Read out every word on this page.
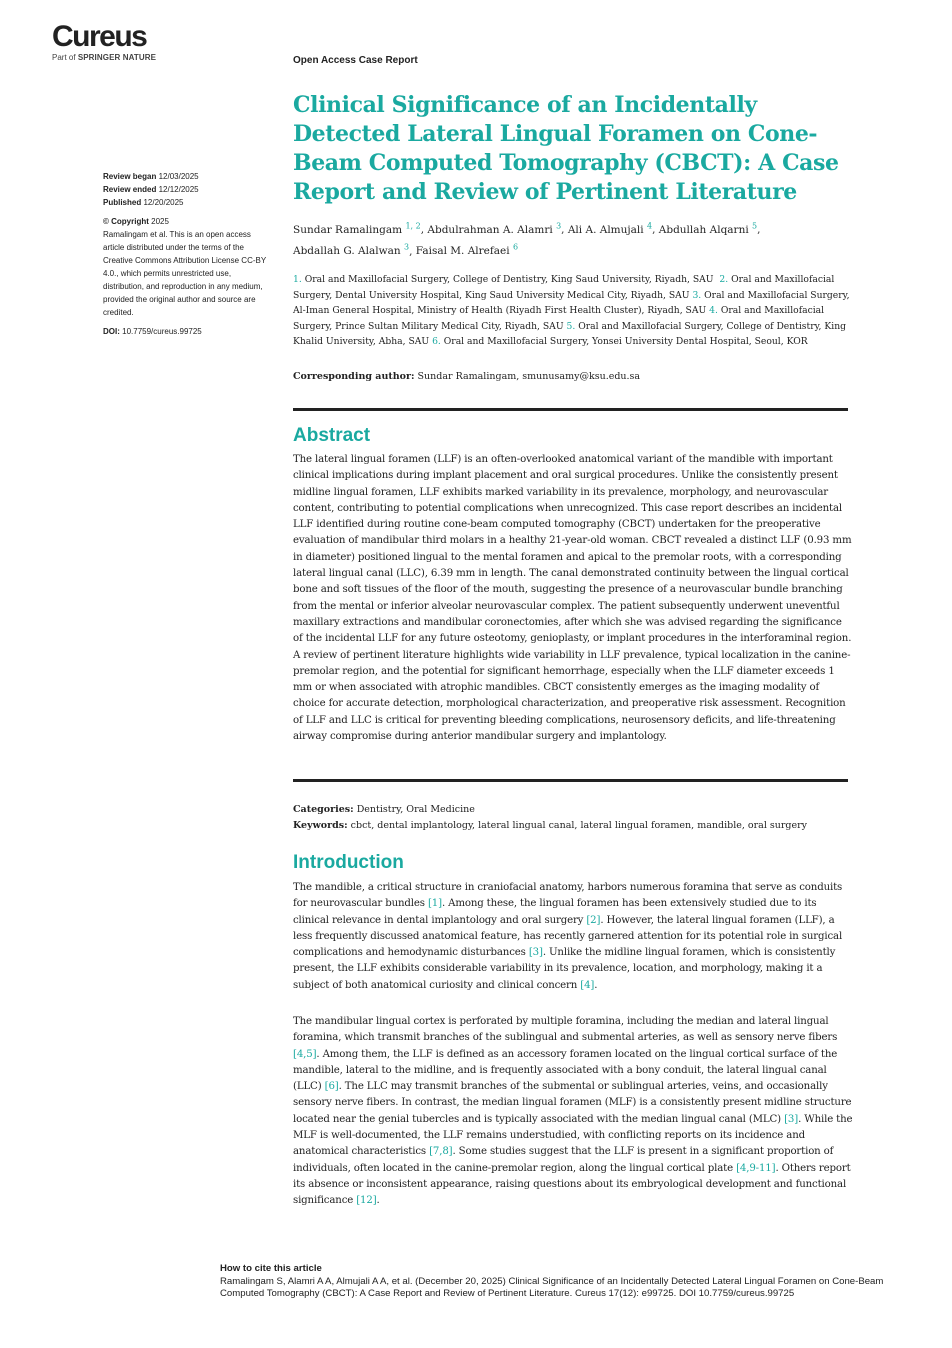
Cureus
Part of SPRINGER NATURE	Open Access Case Report
Clinical Significance of an Incidentally Detected Lateral Lingual Foramen on Cone-Beam Computed Tomography (CBCT): A Case Report and Review of Pertinent Literature
Review began 12/03/2025
Review ended 12/12/2025
Published 12/20/2025
© Copyright 2025
Ramalingam et al. This is an open access article distributed under the terms of the Creative Commons Attribution License CC-BY 4.0., which permits unrestricted use, distribution, and reproduction in any medium, provided the original author and source are credited.
DOI: 10.7759/cureus.99725
Sundar Ramalingam $^{1, 2}$, Abdulrahman A. Alamri $^3$, Ali A. Almujali $^4$, Abdullah Alqarni $^5$,
Abdallah G. Alalwan $^3$, Faisal M. Alrefaei $^6$
1. Oral and Maxillofacial Surgery, College of Dentistry, King Saud University, Riyadh, SAU 2. Oral and Maxillofacial Surgery, Dental University Hospital, King Saud University Medical City, Riyadh, SAU 3. Oral and Maxillofacial Surgery, Al-Iman General Hospital, Ministry of Health (Riyadh First Health Cluster), Riyadh, SAU 4. Oral and Maxillofacial Surgery, Prince Sultan Military Medical City, Riyadh, SAU 5. Oral and Maxillofacial Surgery, College of Dentistry, King Khalid University, Abha, SAU 6. Oral and Maxillofacial Surgery, Yonsei University Dental Hospital, Seoul, KOR
Corresponding author: Sundar Ramalingam, smunusamy@ksu.edu.sa
Abstract

The lateral lingual foramen (LLF) is an often-overlooked anatomical variant of the mandible with important clinical implications during implant placement and oral surgical procedures. Unlike the consistently present midline lingual foramen, LLF exhibits marked variability in its prevalence, morphology, and neurovascular content, contributing to potential complications when unrecognized. This case report describes an incidental LLF identified during routine cone-beam computed tomography (CBCT) undertaken for the preoperative evaluation of mandibular third molars in a healthy 21-year-old woman. CBCT revealed a distinct LLF (0.93 mm in diameter) positioned lingual to the mental foramen and apical to the premolar roots, with a corresponding lateral lingual canal (LLC), 6.39 mm in length. The canal demonstrated continuity between the lingual cortical bone and soft tissues of the floor of the mouth, suggesting the presence of a neurovascular bundle branching from the mental or inferior alveolar neurovascular complex. The patient subsequently underwent uneventful maxillary extractions and mandibular coronectomies, after which she was advised regarding the significance of the incidental LLF for any future osteotomy, genioplasty, or implant procedures in the interforaminal region. A review of pertinent literature highlights wide variability in LLF prevalence, typical localization in the canine-premolar region, and the potential for significant hemorrhage, especially when the LLF diameter exceeds 1 mm or when associated with atrophic mandibles. CBCT consistently emerges as the imaging modality of choice for accurate detection, morphological characterization, and preoperative risk assessment. Recognition of LLF and LLC is critical for preventing bleeding complications, neurosensory deficits, and life-threatening airway compromise during anterior mandibular surgery and implantology.

Categories: Dentistry, Oral Medicine
Keywords: cbct, dental implantology, lateral lingual canal, lateral lingual foramen, mandible, oral surgery
Introduction

The mandible, a critical structure in craniofacial anatomy, harbors numerous foramina that serve as conduits for neurovascular bundles [1]. Among these, the lingual foramen has been extensively studied due to its clinical relevance in dental implantology and oral surgery [2]. However, the lateral lingual foramen (LLF), a less frequently discussed anatomical feature, has recently garnered attention for its potential role in surgical complications and hemodynamic disturbances [3]. Unlike the midline lingual foramen, which is consistently present, the LLF exhibits considerable variability in its prevalence, location, and morphology, making it a subject of both anatomical curiosity and clinical concern [4].

The mandibular lingual cortex is perforated by multiple foramina, including the median and lateral lingual foramina, which transmit branches of the sublingual and submental arteries, as well as sensory nerve fibers [4,5]. Among them, the LLF is defined as an accessory foramen located on the lingual cortical surface of the mandible, lateral to the midline, and is frequently associated with a bony conduit, the lateral lingual canal (LLC) [6]. The LLC may transmit branches of the submental or sublingual arteries, veins, and occasionally sensory nerve fibers. In contrast, the median lingual foramen (MLF) is a consistently present midline structure located near the genial tubercles and is typically associated with the median lingual canal (MLC) [3]. While the MLF is well-documented, the LLF remains understudied, with conflicting reports on its incidence and anatomical characteristics [7,8]. Some studies suggest that the LLF is present in a significant proportion of individuals, often located in the canine-premolar region, along the lingual cortical plate [4,9-11]. Others report its absence or inconsistent appearance, raising questions about its embryological development and functional significance [12].

How to cite this article
Ramalingam S, Alamri A A, Almujali A A, et al. (December 20, 2025) Clinical Significance of an Incidentally Detected Lateral Lingual Foramen on Cone-Beam Computed Tomography (CBCT): A Case Report and Review of Pertinent Literature. Cureus 17(12): e99725. DOI 10.7759/cureus.99725
